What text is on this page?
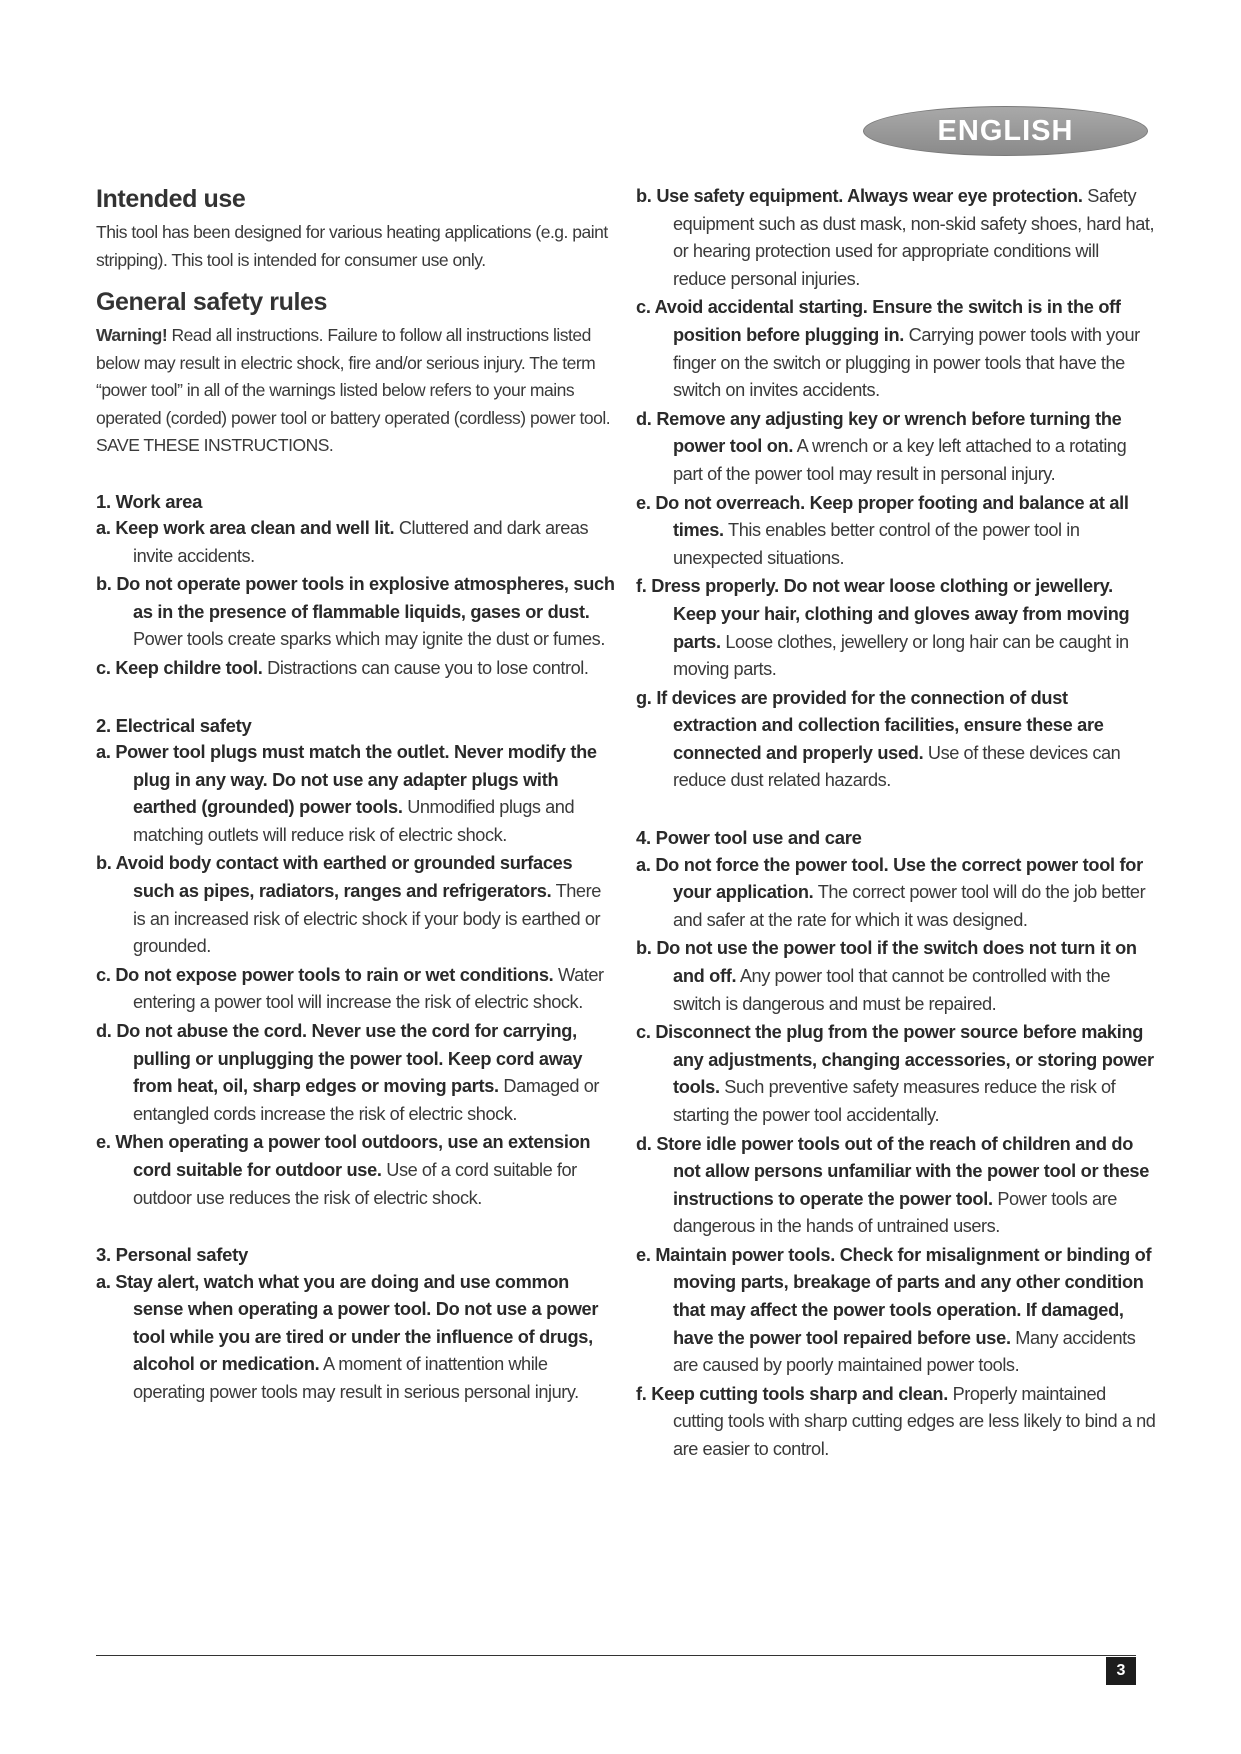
ENGLISH
Intended use

This tool has been designed for various heating applications (e.g. paint stripping). This tool is intended for consumer use only.

General safety rules

Warning! Read all instructions. Failure to follow all instructions listed below may result in electric shock, fire and/or serious injury. The term “power tool” in all of the warnings listed below refers to your mains operated (corded) power tool or battery operated (cordless) power tool. SAVE THESE INSTRUCTIONS.

1. Work area

a. Keep work area clean and well lit. Cluttered and dark areas invite accidents.

b. Do not operate power tools in explosive atmospheres, such as in the presence of flammable liquids, gases or dust. Power tools create sparks which may ignite the dust or fumes.

c. Keep childre tool. Distractions can cause you to lose control.

2. Electrical safety

a. Power tool plugs must match the outlet. Never modify the plug in any way. Do not use any adapter plugs with earthed (grounded) power tools. Unmodified plugs and matching outlets will reduce risk of electric shock.

b. Avoid body contact with earthed or grounded surfaces such as pipes, radiators, ranges and refrigerators. There is an increased risk of electric shock if your body is earthed or grounded.

c. Do not expose power tools to rain or wet conditions. Water entering a power tool will increase the risk of electric shock.

d. Do not abuse the cord. Never use the cord for carrying, pulling or unplugging the power tool. Keep cord away from heat, oil, sharp edges or moving parts. Damaged or entangled cords increase the risk of electric shock.

e. When operating a power tool outdoors, use an extension cord suitable for outdoor use. Use of a cord suitable for outdoor use reduces the risk of electric shock.

3. Personal safety

a. Stay alert, watch what you are doing and use common sense when operating a power tool. Do not use a power tool while you are tired or under the influence of drugs, alcohol or medication. A moment of inattention while operating power tools may result in serious personal injury.

b. Use safety equipment. Always wear eye protection. Safety equipment such as dust mask, non-skid safety shoes, hard hat, or hearing protection used for appropriate conditions will reduce personal injuries.

c. Avoid accidental starting. Ensure the switch is in the off position before plugging in. Carrying power tools with your finger on the switch or plugging in power tools that have the switch on invites accidents.

d. Remove any adjusting key or wrench before turning the power tool on. A wrench or a key left attached to a rotating part of the power tool may result in personal injury.

e. Do not overreach. Keep proper footing and balance at all times. This enables better control of the power tool in unexpected situations.

f. Dress properly. Do not wear loose clothing or jewellery. Keep your hair, clothing and gloves away from moving parts. Loose clothes, jewellery or long hair can be caught in moving parts.

g. If devices are provided for the connection of dust extraction and collection facilities, ensure these are connected and properly used. Use of these devices can reduce dust related hazards.

4. Power tool use and care

a. Do not force the power tool. Use the correct power tool for your application. The correct power tool will do the job better and safer at the rate for which it was designed.

b. Do not use the power tool if the switch does not turn it on and off. Any power tool that cannot be controlled with the switch is dangerous and must be repaired.

c. Disconnect the plug from the power source before making any adjustments, changing accessories, or storing power tools. Such preventive safety measures reduce the risk of starting the power tool accidentally.

d. Store idle power tools out of the reach of children and do not allow persons unfamiliar with the power tool or these instructions to operate the power tool. Power tools are dangerous in the hands of untrained users.

e. Maintain power tools. Check for misalignment or binding of moving parts, breakage of parts and any other condition that may affect the power tools operation. If damaged, have the power tool repaired before use. Many accidents are caused by poorly maintained power tools.

f. Keep cutting tools sharp and clean. Properly maintained cutting tools with sharp cutting edges are less likely to bind a nd are easier to control.

3
